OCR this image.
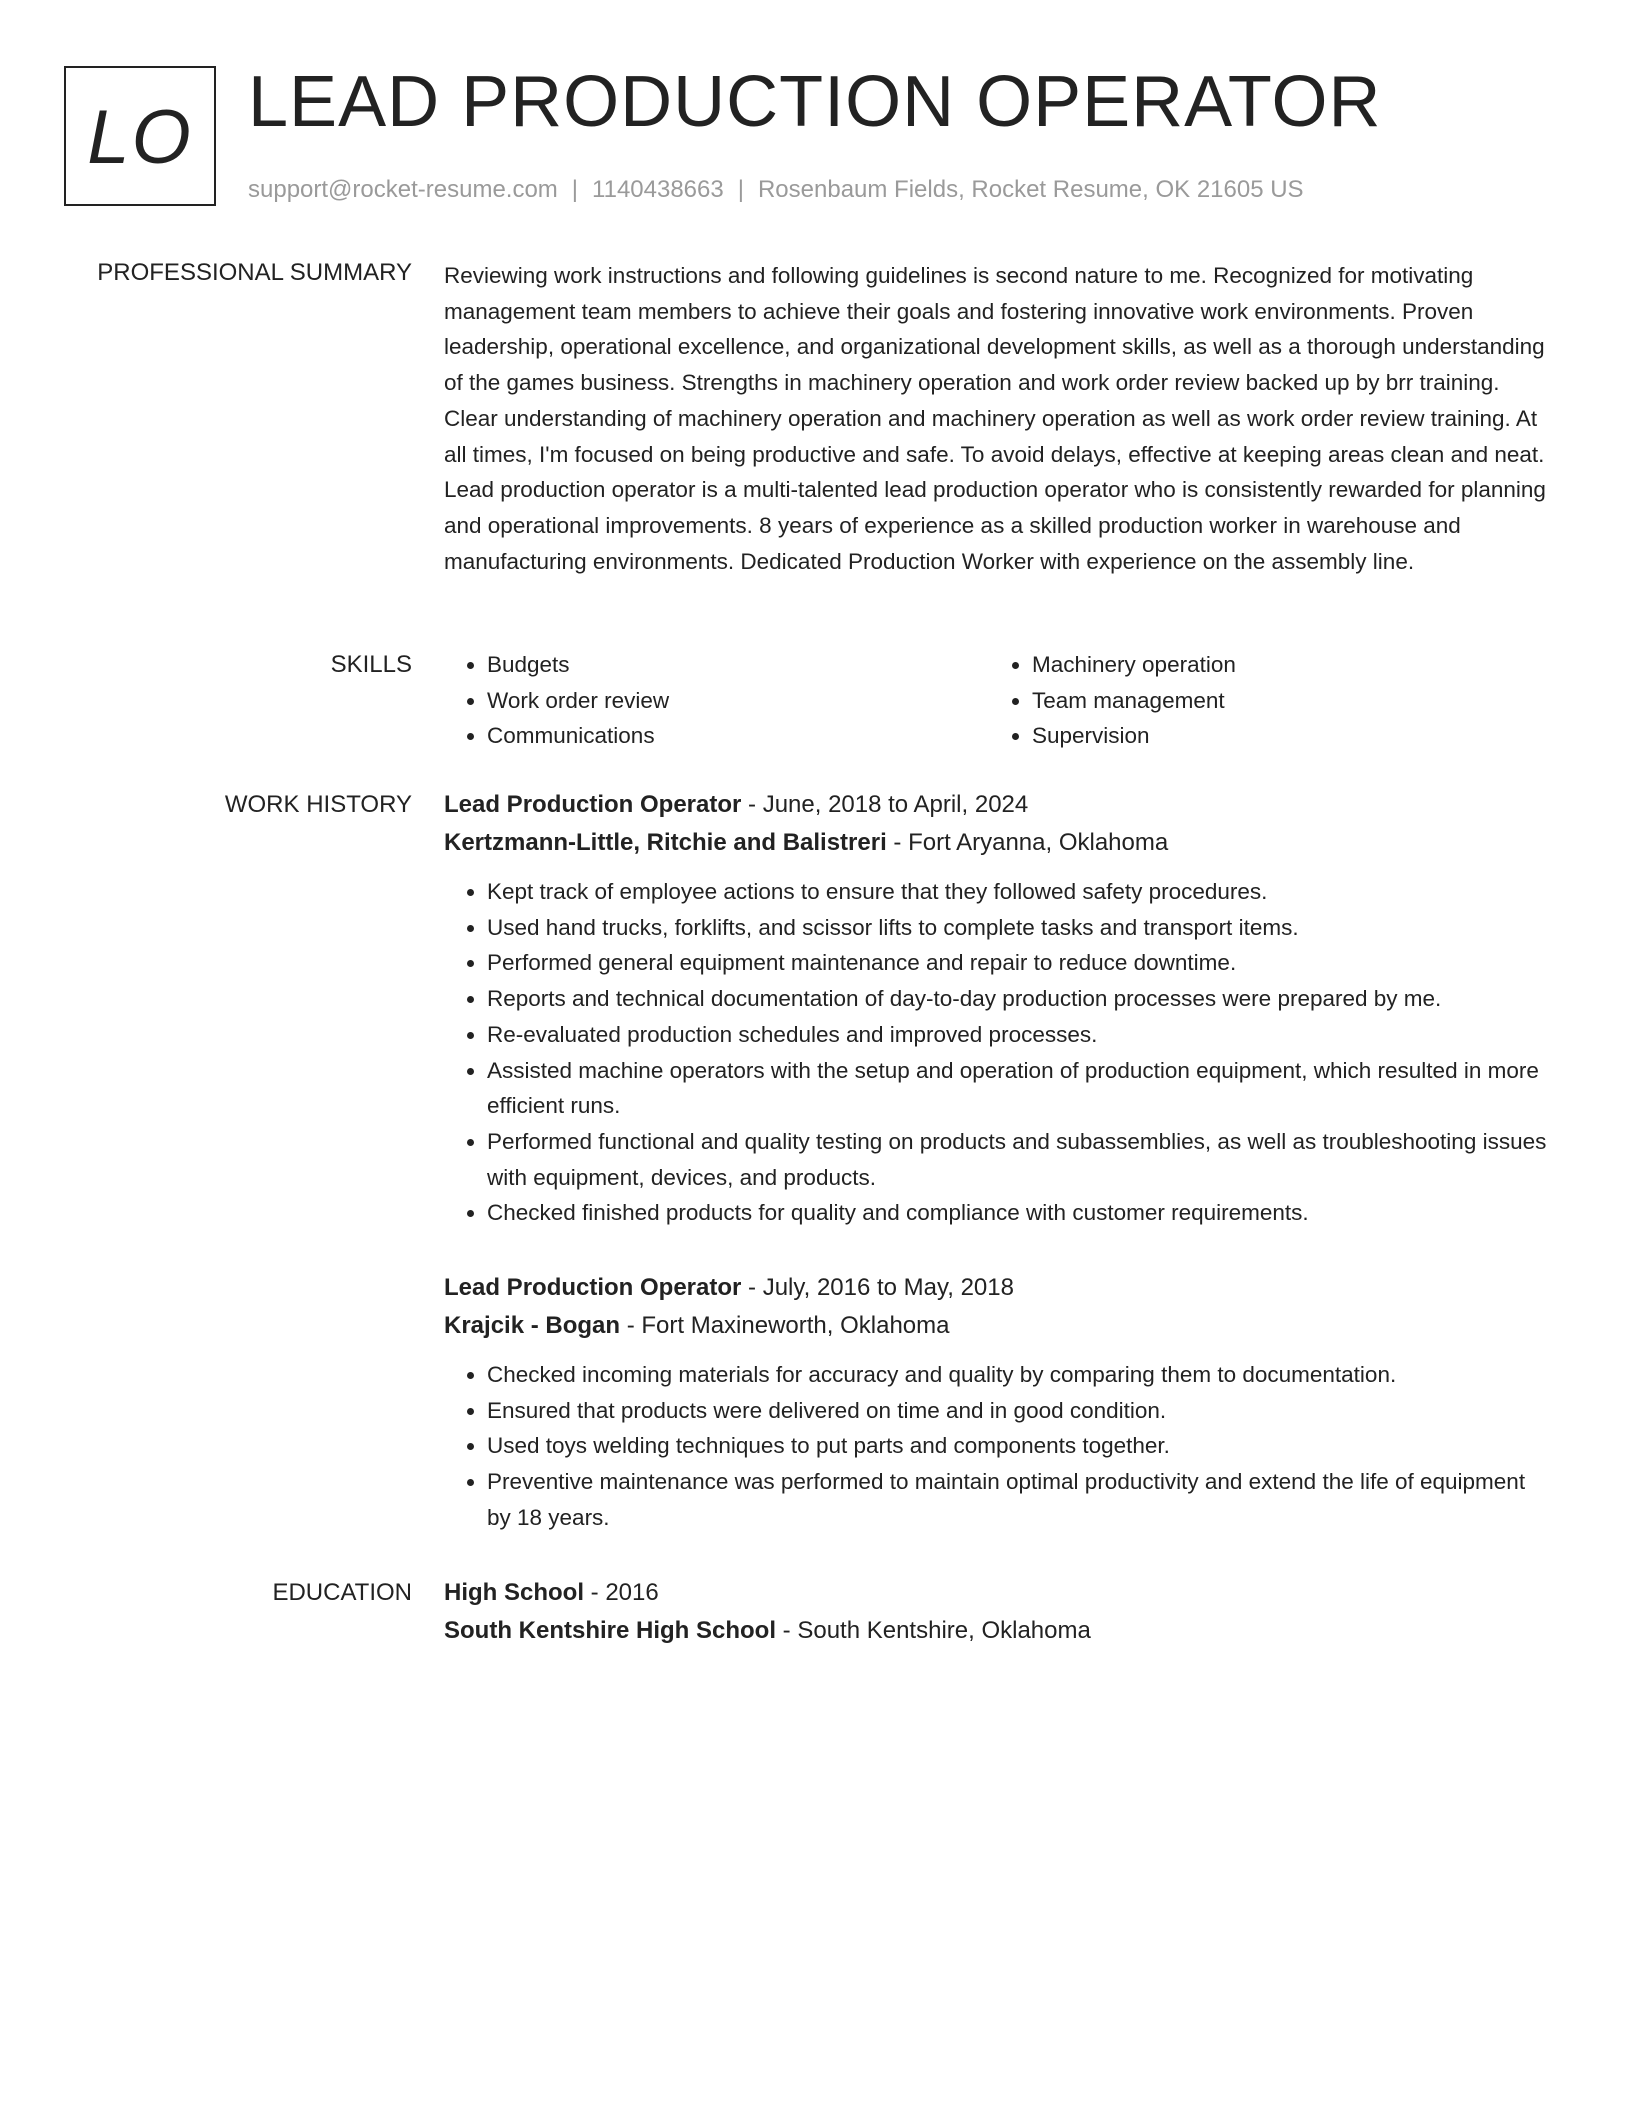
LO LEAD PRODUCTION OPERATOR
support@rocket-resume.com | 1140438663 | Rosenbaum Fields, Rocket Resume, OK 21605 US
PROFESSIONAL SUMMARY Reviewing work instructions and following guidelines is second nature to me. Recognized for motivating management team members to achieve their goals and fostering innovative work environments. Proven leadership, operational excellence, and organizational development skills, as well as a thorough understanding of the games business. Strengths in machinery operation and work order review backed up by brr training. Clear understanding of machinery operation and machinery operation as well as work order review training. At all times, I'm focused on being productive and safe. To avoid delays, effective at keeping areas clean and neat. Lead production operator is a multi-talented lead production operator who is consistently rewarded for planning and operational improvements. 8 years of experience as a skilled production worker in warehouse and manufacturing environments. Dedicated Production Worker with experience on the assembly line.

SKILLS
•	Budgets
• Work order review
• Communications
• Machinery operation
• Team management
• Supervision
WORK HISTORY Lead Production Operator - June, 2018 to April, 2024
Kertzmann-Little, Ritchie and Balistreri - Fort Aryanna, Oklahoma
• Kept track of employee actions to ensure that they followed safety procedures.
• Used hand trucks, forklifts, and scissor lifts to complete tasks and transport items.
• Performed general equipment maintenance and repair to reduce downtime.
• Reports and technical documentation of day-to-day production processes were prepared by me.
• Re-evaluated production schedules and improved processes.
• Assisted machine operators with the setup and operation of production equipment, which resulted in more efficient runs.
• Performed functional and quality testing on products and subassemblies, as well as troubleshooting issues with equipment, devices, and products.
• Checked finished products for quality and compliance with customer requirements.
Lead Production Operator - July, 2016 to May, 2018
Krajcik - Bogan - Fort Maxineworth, Oklahoma
• Checked incoming materials for accuracy and quality by comparing them to documentation.
• Ensured that products were delivered on time and in good condition.
• Used toys welding techniques to put parts and components together.
• Preventive maintenance was performed to maintain optimal productivity and extend the life of equipment by 18 years.
EDUCATION High School - 2016
South Kentshire High School - South Kentshire, Oklahoma
